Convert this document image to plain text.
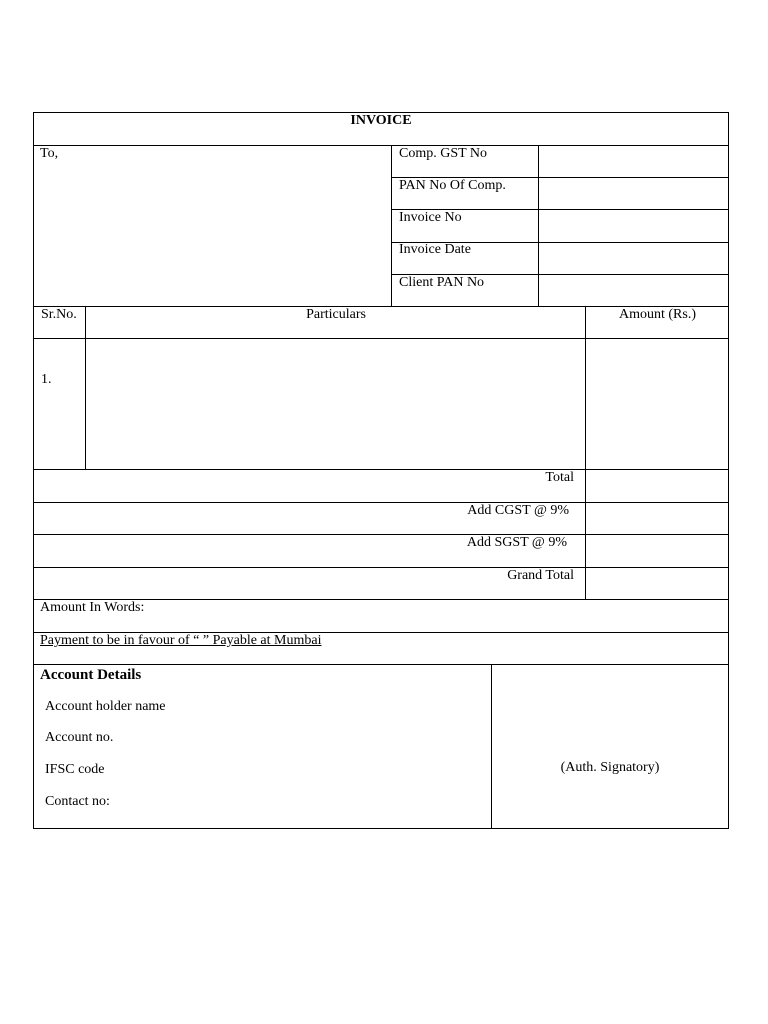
INVOICE
To,	Comp. GST No
PAN No Of Comp.
Invoice No
Invoice Date
Client PAN No
Sr.No.	Particulars	Amount (Rs.)
1.
Total
Add CGST @ 9%
Add SGST @ 9%
Grand Total
Amount In Words:
Payment to be in favour of “ ” Payable at Mumbai
Account Details
Account holder name
Account no.
IFSC code
Contact no:
(Auth. Signatory)
